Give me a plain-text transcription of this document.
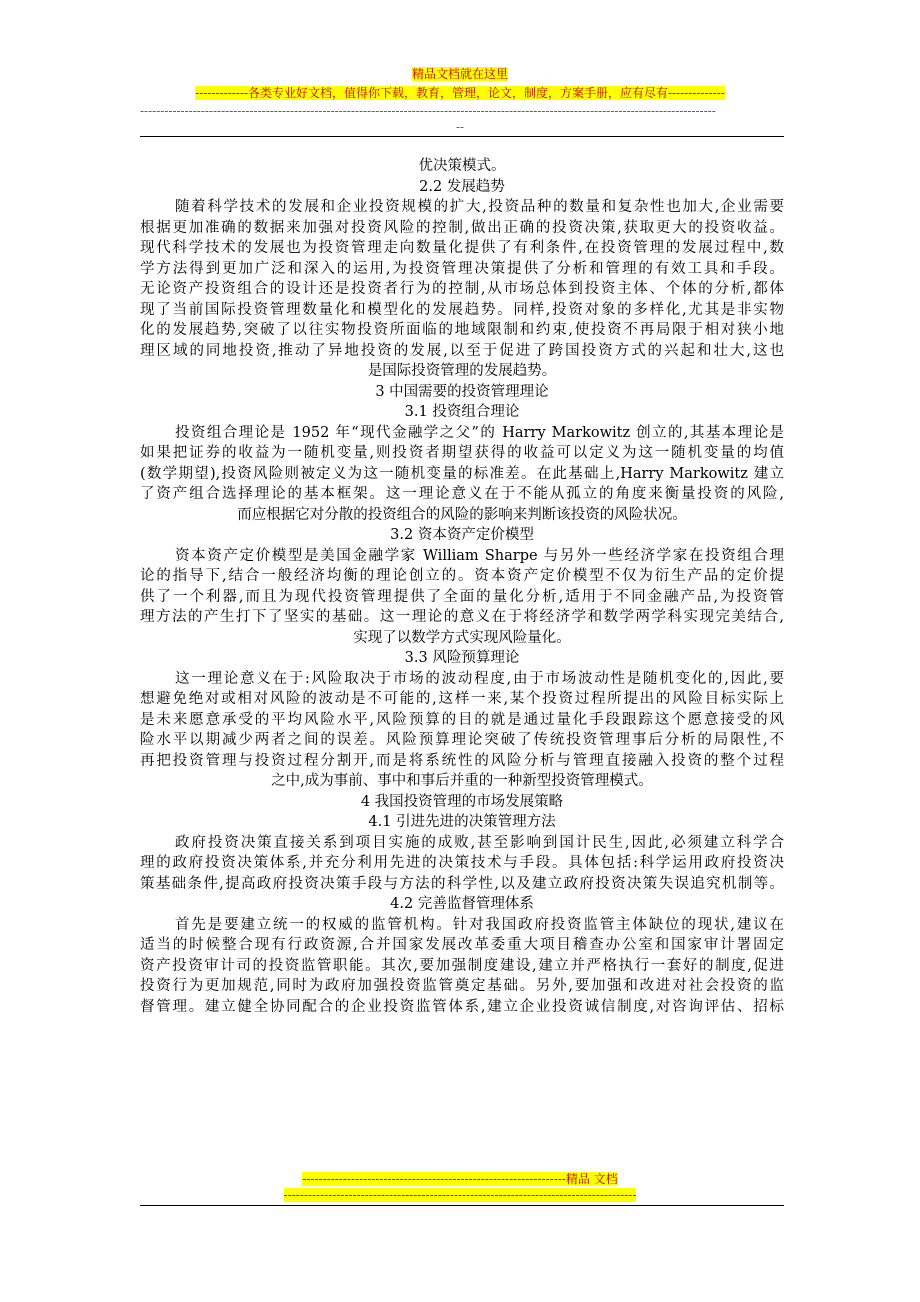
精品文档就在这里
-------------各类专业好文档，值得你下载，教育，管理，论文，制度，方案手册，应有尽有--------------
----------------------------------------------------------------------------------------------------------------------------------------------
--
优决策模式。
2.2 发展趋势
随着科学技术的发展和企业投资规模的扩大,投资品种的数量和复杂性也加大,企业需要
根据更加准确的数据来加强对投资风险的控制,做出正确的投资决策,获取更大的投资收益。
现代科学技术的发展也为投资管理走向数量化提供了有利条件,在投资管理的发展过程中,数
学方法得到更加广泛和深入的运用,为投资管理决策提供了分析和管理的有效工具和手段。
无论资产投资组合的设计还是投资者行为的控制,从市场总体到投资主体、个体的分析,都体
现了当前国际投资管理数量化和模型化的发展趋势。同样,投资对象的多样化,尤其是非实物
化的发展趋势,突破了以往实物投资所面临的地域限制和约束,使投资不再局限于相对狭小地
理区域的同地投资,推动了异地投资的发展,以至于促进了跨国投资方式的兴起和壮大,这也
是国际投资管理的发展趋势。
3 中国需要的投资管理理论
3.1 投资组合理论
投资组合理论是 1952 年“现代金融学之父”的 Harry Markowitz 创立的,其基本理论是
如果把证券的收益为一随机变量,则投资者期望获得的收益可以定义为这一随机变量的均值
(数学期望),投资风险则被定义为这一随机变量的标准差。在此基础上,Harry Markowitz 建立
了资产组合选择理论的基本框架。这一理论意义在于不能从孤立的角度来衡量投资的风险,
而应根据它对分散的投资组合的风险的影响来判断该投资的风险状况。
3.2 资本资产定价模型
资本资产定价模型是美国金融学家 William Sharpe 与另外一些经济学家在投资组合理
论的指导下,结合一般经济均衡的理论创立的。资本资产定价模型不仅为衍生产品的定价提
供了一个利器,而且为现代投资管理提供了全面的量化分析,适用于不同金融产品,为投资管
理方法的产生打下了坚实的基础。这一理论的意义在于将经济学和数学两学科实现完美结合,
实现了以数学方式实现风险量化。
3.3 风险预算理论
这一理论意义在于:风险取决于市场的波动程度,由于市场波动性是随机变化的,因此,要
想避免绝对或相对风险的波动是不可能的,这样一来,某个投资过程所提出的风险目标实际上
是未来愿意承受的平均风险水平,风险预算的目的就是通过量化手段跟踪这个愿意接受的风
险水平以期减少两者之间的误差。风险预算理论突破了传统投资管理事后分析的局限性,不
再把投资管理与投资过程分割开,而是将系统性的风险分析与管理直接融入投资的整个过程
之中,成为事前、事中和事后并重的一种新型投资管理模式。
4 我国投资管理的市场发展策略
4.1 引进先进的决策管理方法
政府投资决策直接关系到项目实施的成败,甚至影响到国计民生,因此,必须建立科学合
理的政府投资决策体系,并充分利用先进的决策技术与手段。具体包括:科学运用政府投资决
策基础条件,提高政府投资决策手段与方法的科学性,以及建立政府投资决策失误追究机制等。
4.2 完善监督管理体系
首先是要建立统一的权威的监管机构。针对我国政府投资监管主体缺位的现状,建议在
适当的时候整合现有行政资源,合并国家发展改革委重大项目稽查办公室和国家审计署固定
资产投资审计司的投资监管职能。其次,要加强制度建设,建立并严格执行一套好的制度,促进
投资行为更加规范,同时为政府加强投资监管奠定基础。另外,要加强和改进对社会投资的监
督管理。建立健全协同配合的企业投资监管体系,建立企业投资诚信制度,对咨询评估、招标
-----------------------------------------------------------------精品 文档
---------------------------------------------------------------------------------------
